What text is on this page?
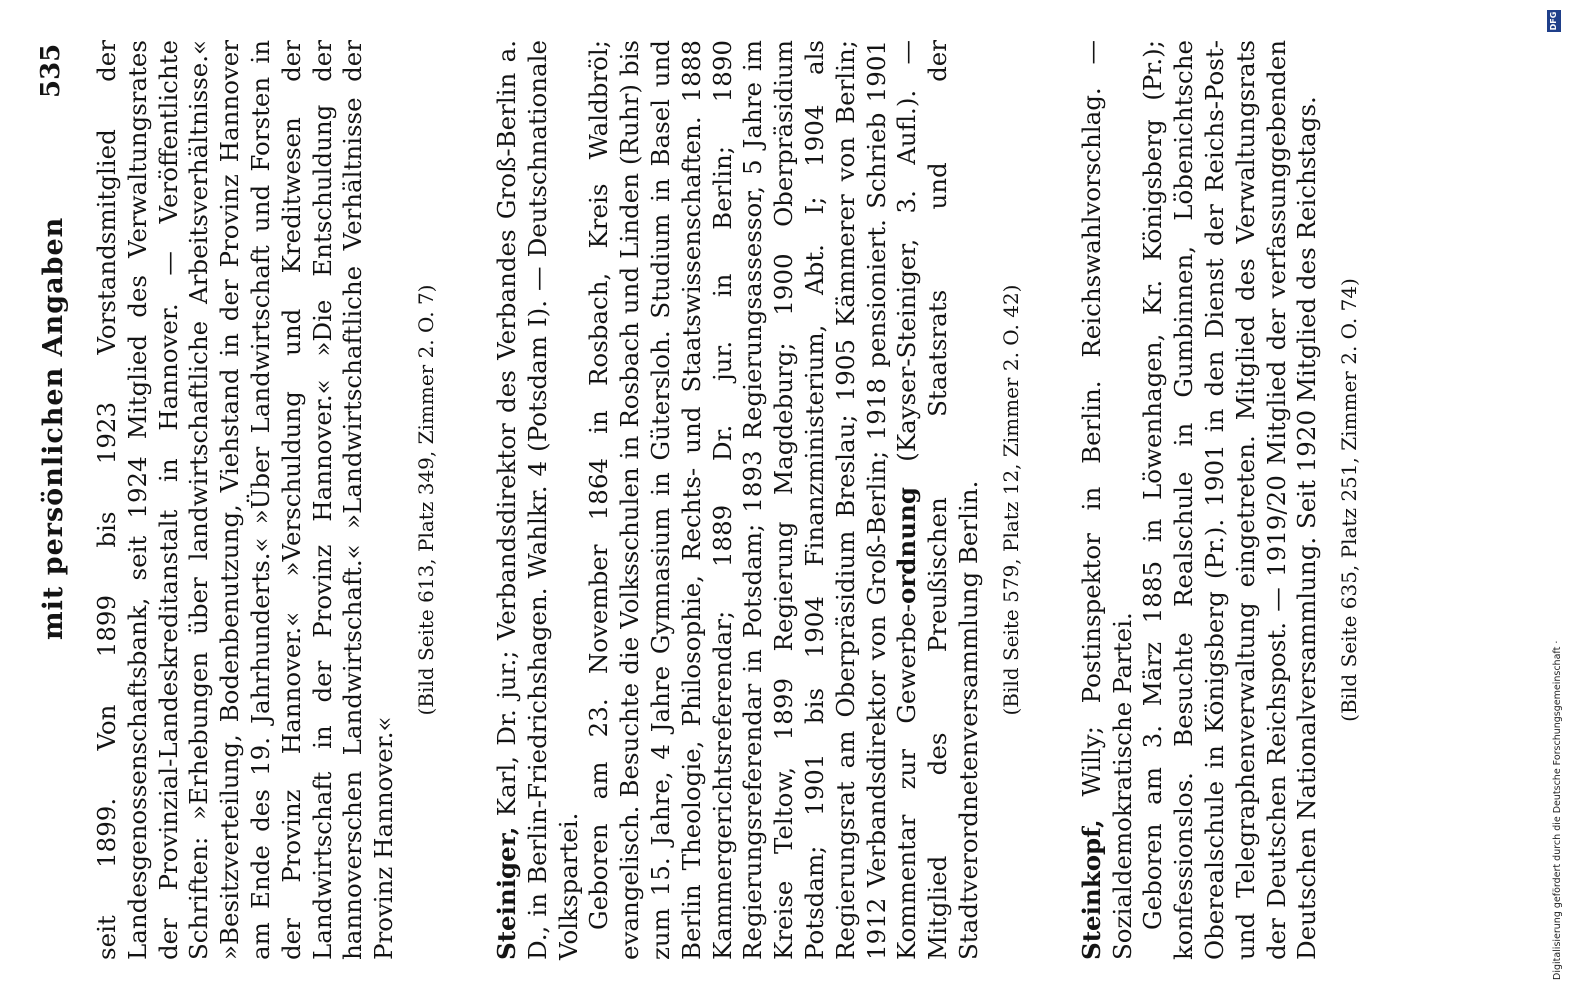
mit persönlichen Angaben
535 seit 1899. Von 1899 bis 1923 Vorstandsmitglied der Landesgenossenschaftsbank, seit 1924 Mitglied des Verwaltungsrates der Provinzial-Landeskreditanstalt in Hannover. — Veröffentlichte Schriften: »Erhebungen über landwirtschaftliche Arbeitsverhältnisse.« »Besitzverteilung, Bodenbenutzung, Viehstand in der Provinz Hannover am Ende des 19. Jahrhunderts.« »Über Landwirtschaft und Forsten in der Provinz Hannover.« »Verschuldung und Kreditwesen der Landwirtschaft in der Provinz Hannover.« »Die Entschuldung der hannoverschen Landwirtschaft.« »Landwirtschaftliche Verhältnisse der Provinz Hannover.«

(Bild Seite 613, Platz 349, Zimmer 2. O. 7)

Steiniger, Karl, Dr. jur.; Verbandsdirektor des Verbandes Groß-Berlin a. D., in Berlin-Friedrichshagen. Wahlkr. 4 (Potsdam I). — Deutschnationale Volkspartei. Geboren am 23. November 1864 in Rosbach, Kreis Waldbröl; evangelisch. Besuchte die Volksschulen in Rosbach und Linden (Ruhr) bis zum 15. Jahre, 4 Jahre Gymnasium in Gütersloh. Studium in Basel und Berlin Theologie, Philosophie, Rechts- und Staatswissenschaften. 1888 Kammergerichtsreferendar; 1889 Dr. jur. in Berlin; 1890 Regierungsreferendar in Potsdam; 1893 Regierungsassessor, 5 Jahre im Kreise Teltow, 1899 Regierung Magdeburg; 1900 Oberpräsidium Potsdam; 1901 bis 1904 Finanzministerium, Abt. I; 1904 als Regierungsrat am Oberpräsidium Breslau; 1905 Kämmerer von Berlin; 1912 Verbandsdirektor von Groß-Berlin; 1918 pensioniert. Schrieb 1901 Kommentar zur Gewerbe-ordnung (Kayser-Steiniger, 3. Aufl.). — Mitglied des Preußischen Staatsrats und der Stadtverordnetenversammlung Berlin. (Bild Seite 579, Platz 12, Zimmer 2. O. 42)

Steinkopf, Willy; Postinspektor in Berlin. Reichswahlvorschlag. — Sozialdemokratische Partei. Geboren am 3. März 1885 in Löwenhagen, Kr. Königsberg (Pr.); konfessionslos. Besuchte Realschule in Gumbinnen, Löbenichtsche Oberealschule in Königsberg (Pr.). 1901 in den Dienst der Reichs-Post- und Telegraphenverwaltung eingetreten. Mitglied des Verwaltungsrats der Deutschen Reichspost. — 1919/20 Mitglied der verfassunggebenden Deutschen Nationalversammlung. Seit 1920 Mitglied des Reichstags. (Bild Seite 635, Platz 251, Zimmer 2. O. 74)

Digitalisierung gefördert durch die Deutsche Forschungsgemeinschaft ·
DFG
